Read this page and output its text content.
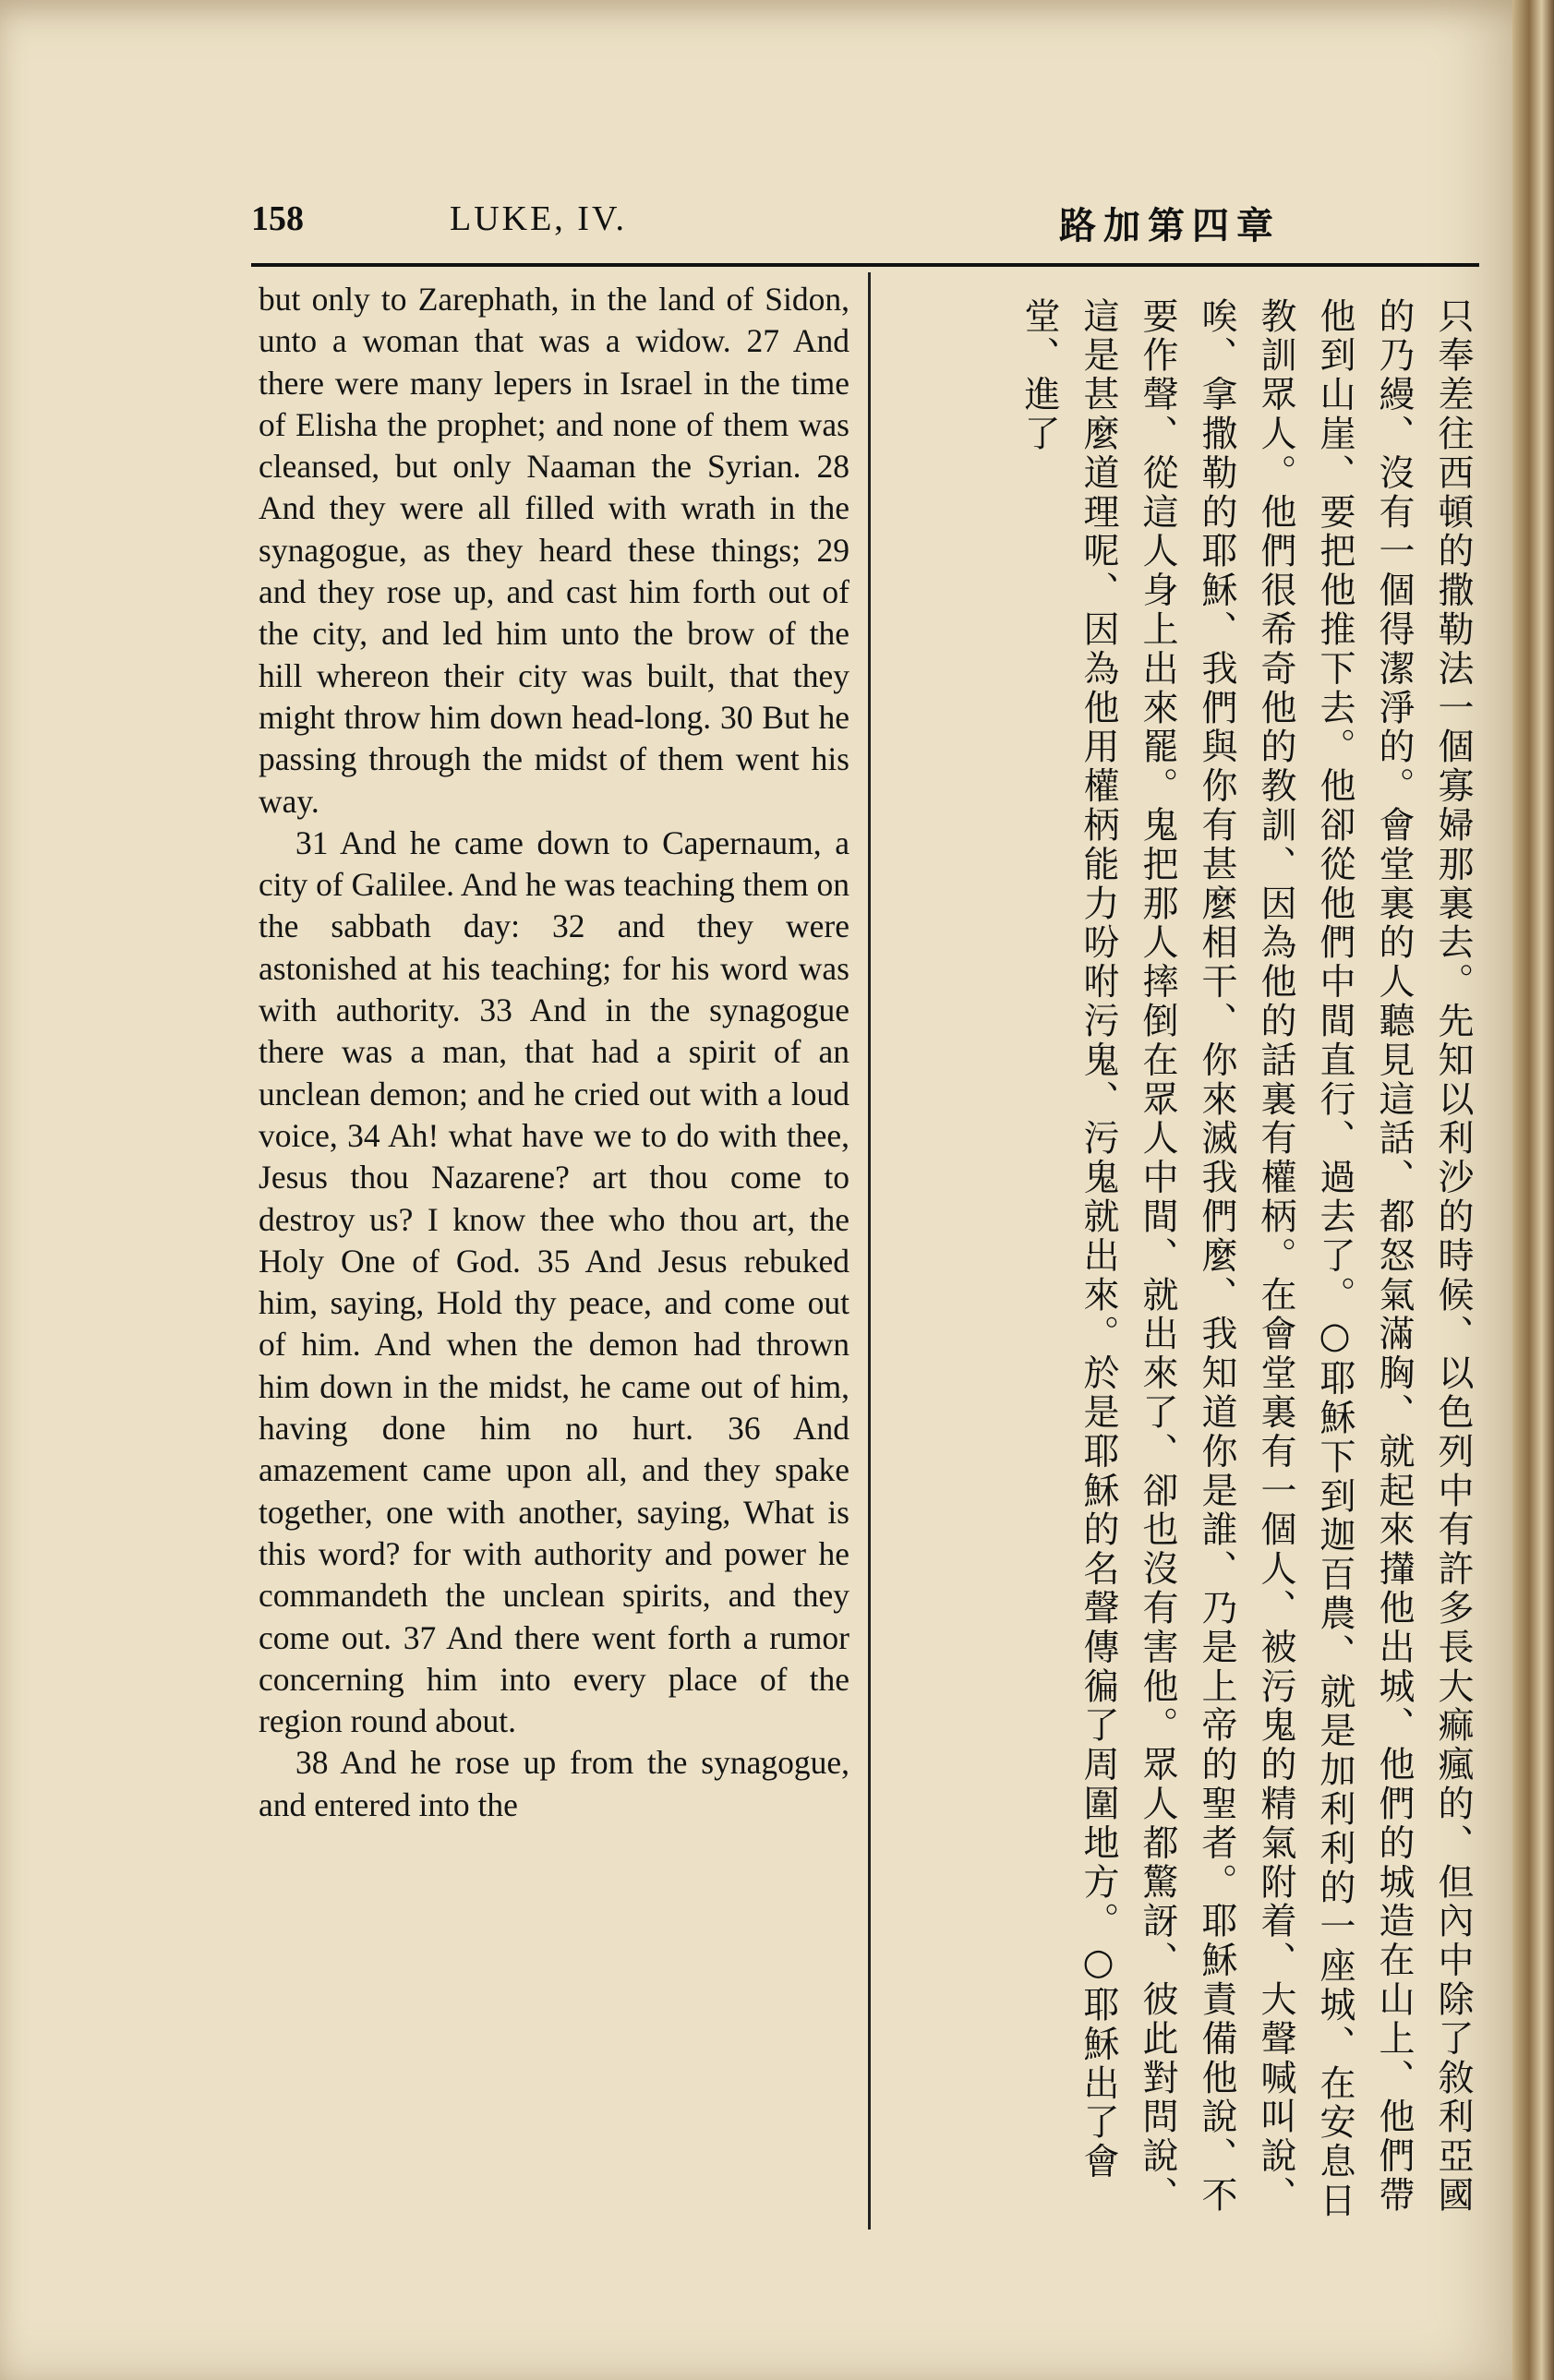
158	LUKE, IV.	路加第四章

but only to Zarephath, in the land of Sidon, unto a woman that was a widow. 27 And there were many lepers in Israel in the time of Elisha the prophet; and none of them was cleansed, but only Naaman the Syrian. 28 And they were all filled with wrath in the synagogue, as they heard these things; 29 and they rose up, and cast him forth out of the city, and led him unto the brow of the hill whereon their city was built, that they might throw him down head-long. 30 But he passing through the midst of them went his way.

31 And he came down to Capernaum, a city of Galilee. And he was teaching them on the sabbath day: 32 and they were astonished at his teaching; for his word was with authority. 33 And in the synagogue there was a man, that had a spirit of an unclean demon; and he cried out with a loud voice, 34 Ah! what have we to do with thee, Jesus thou Nazarene? art thou come to destroy us? I know thee who thou art, the Holy One of God. 35 And Jesus rebuked him, saying, Hold thy peace, and come out of him. And when the demon had thrown him down in the midst, he came out of him, having done him no hurt. 36 And amazement came upon all, and they spake together, one with another, saying, What is this word? for with authority and power he commandeth the unclean spirits, and they come out. 37 And there went forth a rumor concerning him into every place of the region round about.

38 And he rose up from the synagogue, and entered into the	只奉差往西頓的撒勒法一個寡婦那裏去。先知以利沙的時候、以色列中有許多長大痲瘋的、但內中除了敘利亞國的乃縵、沒有一個得潔淨的。會堂裏的人聽見這話、都怒氣滿胸、就起來攆他出城、他們的城造在山上、他們帶他到山崖、要把他推下去。他卻從他們中間直行、過去了。○耶穌下到迦百農、就是加利利的一座城、在安息日教訓眾人。他們很希奇他的教訓、因為他的話裏有權柄。在會堂裏有一個人、被污鬼的精氣附着、大聲喊叫說、唉、拿撒勒的耶穌、我們與你有甚麼相干、你來滅我們麼、我知道你是誰、乃是上帝的聖者。耶穌責備他說、不要作聲、從這人身上出來罷。鬼把那人摔倒在眾人中間、就出來了、卻也沒有害他。眾人都驚訝、彼此對問說、這是甚麼道理呢、因為他用權柄能力吩咐污鬼、污鬼就出來。於是耶穌的名聲傳徧了周圍地方。○耶穌出了會堂、進了
